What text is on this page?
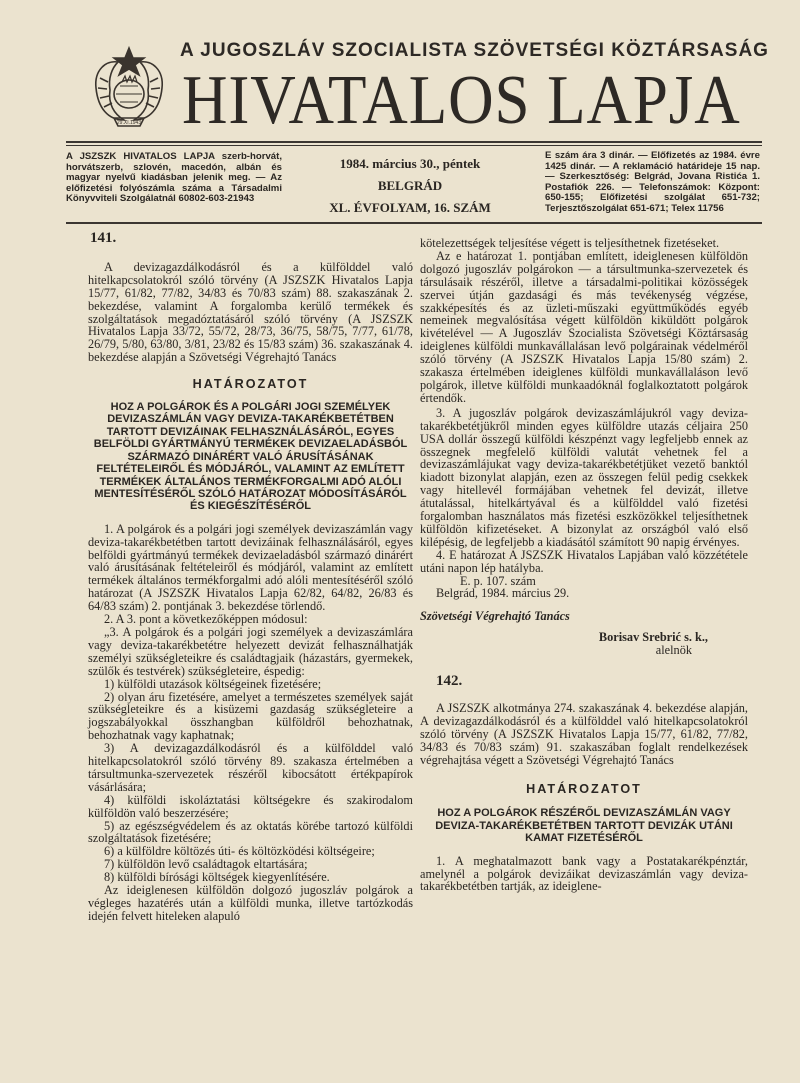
29.XI.1943
A JUGOSZLÁV SZOCIALISTA SZÖVETSÉGI KÖZTÁRSASÁG
HIVATALOS LAPJA
A JSZSZK HIVATALOS LAPJA szerb-horvát, horvátszerb, szlovén, macedón, albán és magyar nyelvű kiadásban jelenik meg. — Az előfizetési folyószámla száma a Társadalmi Könyvviteli Szolgálatnál 60802-603-21943
1984. március 30., péntek
BELGRÁD
XL. ÉVFOLYAM, 16. SZÁM
E szám ára 3 dinár. — Előfizetés az 1984. évre 1425 dinár. — A reklamáció határideje 15 nap. — Szerkesztőség: Belgrád, Jovana Ristića 1. Postafiók 226. — Telefonszámok: Központ: 650-155; Előfizetési szolgálat 651-732; Terjesztőszolgálat 651-671; Telex 11756

141.

A devizagazdálkodásról és a külfölddel való hitelkapcsolatokról szóló törvény (A JSZSZK Hivatalos Lapja 15/77, 61/82, 77/82, 34/83 és 70/83 szám) 88. szakaszának 2. bekezdése, valamint A forgalomba kerülő termékek és szolgáltatások megadóztatásáról szóló törvény (A JSZSZK Hivatalos Lapja 33/72, 55/72, 28/73, 36/75, 58/75, 7/77, 61/78, 26/79, 5/80, 63/80, 3/81, 23/82 és 15/83 szám) 36. szakaszának 4. bekezdése alapján a Szövetségi Végrehajtó Tanács

HATÁROZATOT

HOZ A POLGÁROK ÉS A POLGÁRI JOGI SZEMÉLYEK DEVIZASZÁMLÁN VAGY DEVIZA-TAKARÉKBETÉTBEN TARTOTT DEVIZÁINAK FELHASZNÁLÁSÁRÓL, EGYES BELFÖLDI GYÁRTMÁNYÚ TERMÉKEK DEVIZAELADÁSBÓL SZÁRMAZÓ DINÁRÉRT VALÓ ÁRUSÍTÁSÁNAK FELTÉTELEIRŐL ÉS MÓDJÁRÓL, VALAMINT AZ EMLÍTETT TERMÉKEK ÁLTALÁNOS TERMÉKFORGALMI ADÓ ALÓLI MENTESÍTÉSÉRŐL SZÓLÓ HATÁROZAT MÓDOSÍTÁSÁRÓL ÉS KIEGÉSZÍTÉSÉRŐL

1. A polgárok és a polgári jogi személyek devizaszámlán vagy deviza-takarékbetétben tartott devizáinak felhasználásáról, egyes belföldi gyártmányú termékek devizaeladásból származó dinárért való árusításának feltételeiről és módjáról, valamint az említett termékek általános termékforgalmi adó alóli mentesítéséről szóló határozat (A JSZSZK Hivatalos Lapja 62/82, 64/82, 26/83 és 64/83 szám) 2. pontjának 3. bekezdése törlendő.

2. A 3. pont a következőképpen módosul:

„3. A polgárok és a polgári jogi személyek a devizaszámlára vagy deviza-takarékbetétre helyezett devizát felhasználhatják személyi szükségleteikre és családtagjaik (házastárs, gyermekek, szülők és testvérek) szükségleteire, éspedig:

1) külföldi utazások költségeinek fizetésére;

2) olyan áru fizetésére, amelyet a természetes személyek saját szükségleteikre és a kisüzemi gazdaság szükségleteire a jogszabályokkal összhangban külföldről behozhatnak, behozhatnak vagy kaphatnak;

3) A devizagazdálkodásról és a külfölddel való hitelkapcsolatokról szóló törvény 89. szakasza értelmében a társultmunka-szervezetek részéről kibocsátott értékpapírok vásárlására;

4) külföldi iskoláztatási költségekre és szakirodalom külföldön való beszerzésére;

5) az egészségvédelem és az oktatás körébe tartozó külföldi szolgáltatások fizetésére;

6) a külföldre költözés úti- és költözködési költségeire;

7) külföldön levő családtagok eltartására;

8) külföldi bírósági költségek kiegyenlítésére.

Az ideiglenesen külföldön dolgozó jugoszláv polgárok a végleges hazatérés után a külföldi munka, illetve tartózkodás idején felvett hiteleken alapuló

kötelezettségek teljesítése végett is teljesíthetnek fizetéseket.

Az e határozat 1. pontjában említett, ideiglenesen külföldön dolgozó jugoszláv polgárokon — a társultmunka-szervezetek és társulásaik részéről, illetve a társadalmi-politikai közösségek szervei útján gazdasági és más tevékenység végzése, szakképesítés és az üzleti-műszaki együttműködés egyéb nemeinek megvalósítása végett külföldön kiküldött polgárok kivételével — A Jugoszláv Szocialista Szövetségi Köztársaság ideiglenes külföldi munkavállalásan levő polgárainak védelméről szóló törvény (A JSZSZK Hivatalos Lapja 15/80 szám) 2. szakasza értelmében ideiglenes külföldi munkavállaláson levő polgárok, illetve külföldi munkaadóknál foglalkoztatott polgárok értendők.

3. A jugoszláv polgárok devizaszámlájukról vagy deviza-takarékbetétjükről minden egyes külföldre utazás céljaira 250 USA dollár összegű külföldi készpénzt vagy legfeljebb ennek az összegnek megfelelő külföldi valutát vehetnek fel a devizaszámlájukat vagy deviza-takarékbetétjüket vezető banktól kiadott bizonylat alapján, ezen az összegen felül pedig csekkek vagy hitellevél formájában vehetnek fel devizát, illetve átutalással, hitelkártyával és a külfölddel való fizetési forgalomban használatos más fizetési eszközökkel teljesíthetnek külföldön kifizetéseket. A bizonylat az országból való első kilépésig, de legfeljebb a kiadásától számított 90 napig érvényes.

4. E határozat A JSZSZK Hivatalos Lapjában való közzététele utáni napon lép hatályba.

E. p. 107. szám

Belgrád, 1984. március 29.

Szövetségi Végrehajtó Tanács

Borisav Srebrić s. k.,

alelnök

142.

A JSZSZK alkotmánya 274. szakaszának 4. bekezdése alapján, A devizagazdálkodásról és a külfölddel való hitelkapcsolatokról szóló törvény (A JSZSZK Hivatalos Lapja 15/77, 61/82, 77/82, 34/83 és 70/83 szám) 91. szakaszában foglalt rendelkezések végrehajtása végett a Szövetségi Végrehajtó Tanács

HATÁROZATOT

HOZ A POLGÁROK RÉSZÉRŐL DEVIZASZÁMLÁN VAGY DEVIZA-TAKARÉKBETÉTBEN TARTOTT DEVIZÁK UTÁNI KAMAT FIZETÉSÉRŐL

1. A meghatalmazott bank vagy a Postatakarékpénztár, amelynél a polgárok devizáikat devizaszámlán vagy deviza-takarékbetétben tartják, az ideiglene-
